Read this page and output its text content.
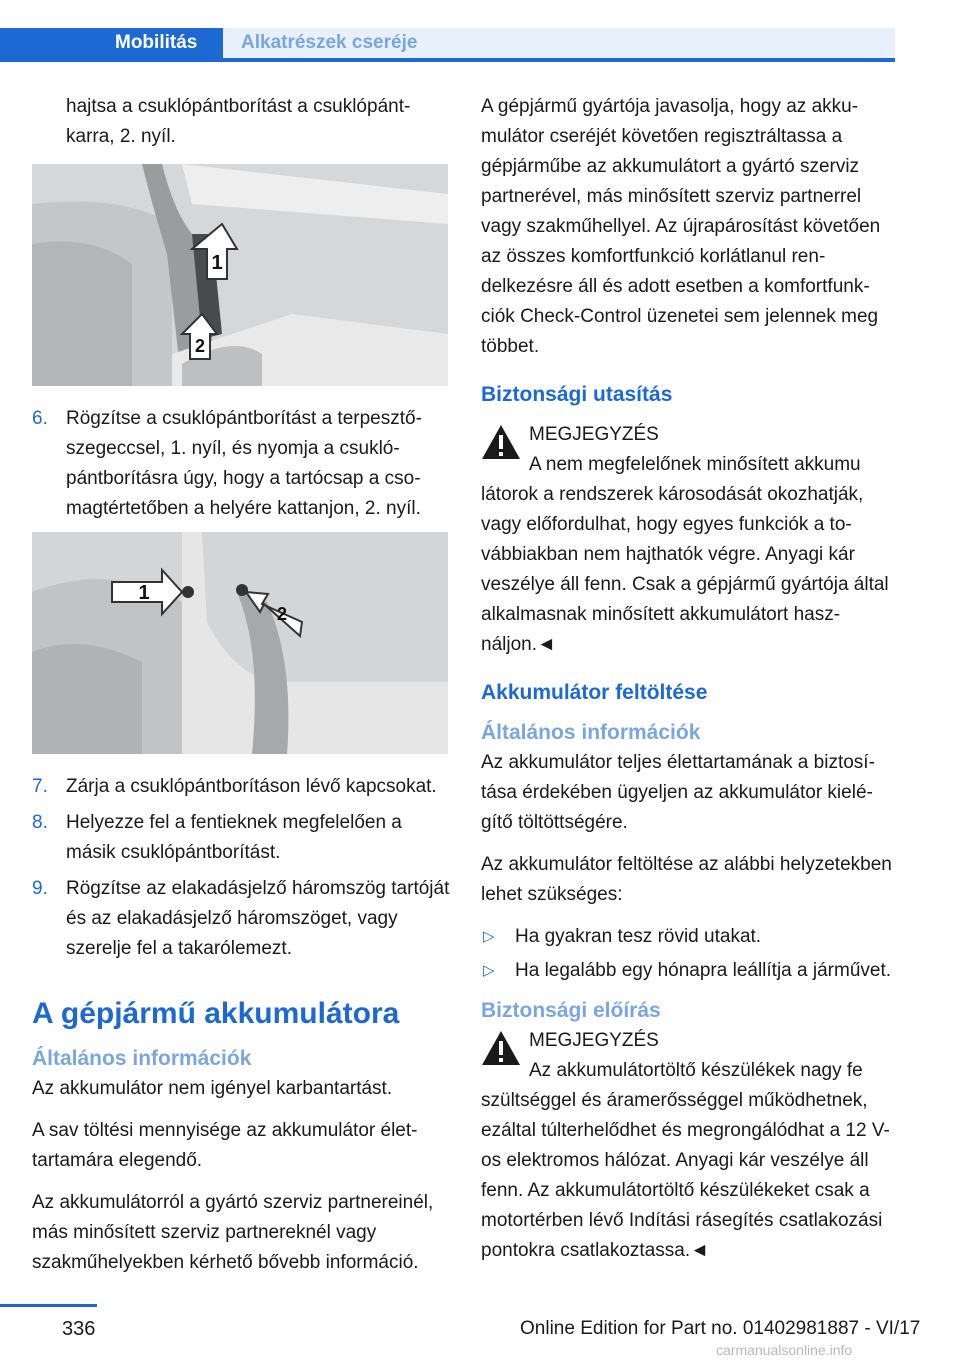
Mobilitás	Alkatrészek cseréje

hajtsa a csuklópántborítást a csuklópántkarra, 2. nyíl.

1
2
6. Rögzítse a csuklópántborítást a terpesztőszegeccsel, 1. nyíl, és nyomja a csuklópántborításra úgy, hogy a tartócsap a csomagtértetőben a helyére kattanjon, 2. nyíl.
1
2
7. Zárja a csuklópántborításon lévő kapcsokat.
8. Helyezze fel a fentieknek megfelelően a másik csuklópántborítást.
9. Rögzítse az elakadásjelző háromszög tartóját és az elakadásjelző háromszöget, vagy szerelje fel a takarólemezt.
A gépjármű akkumulátora
Általános információk

Az akkumulátor nem igényel karbantartást.

A sav töltési mennyisége az akkumulátor élettartamára elegendő.

Az akkumulátorról a gyártó szerviz partnereinél, más minősített szerviz partnereknél vagy szakműhelyekben kérhető bővebb információ.

A gépjármű gyártója javasolja, hogy az akkumulátor cseréjét követően regisztráltassa a gépjárműbe az akkumulátort a gyártó szerviz partnerével, más minősített szerviz partnerrel vagy szakműhellyel. Az újrapárosítást követően az összes komfortfunkció korlátlanul rendelkezésre áll és adott esetben a komfortfunkciók Check-Control üzenetei sem jelennek meg többet.

Biztonsági utasítás
MEGJEGYZÉS
A nem megfelelőnek minősített akkumu
látorok a rendszerek károsodását okozhatják, vagy előfordulhat, hogy egyes funkciók a továbbiakban nem hajthatók végre. Anyagi kár veszélye áll fenn. Csak a gépjármű gyártója által alkalmasnak minősített akkumulátort használjon.◄
Akkumulátor feltöltése
Általános információk

Az akkumulátor teljes élettartamának a biztosítása érdekében ügyeljen az akkumulátor kielégítő töltöttségére.

Az akkumulátor feltöltése az alábbi helyzetekben lehet szükséges:

▷ Ha gyakran tesz rövid utakat.
▷ Ha legalább egy hónapra leállítja a járművet.
Biztonsági előírás
MEGJEGYZÉS
Az akkumulátortöltő készülékek nagy fe
szültséggel és áramerősséggel működhetnek, ezáltal túlterhelődhet és megrongálódhat a 12 V-os elektromos hálózat. Anyagi kár veszélye áll fenn. Az akkumulátortöltő készülékeket csak a motortérben lévő Indítási rásegítés csatlakozási pontokra csatlakoztassa.◄
336	Online Edition for Part no. 01402981887 - VI/17
carmanualsonline.info
